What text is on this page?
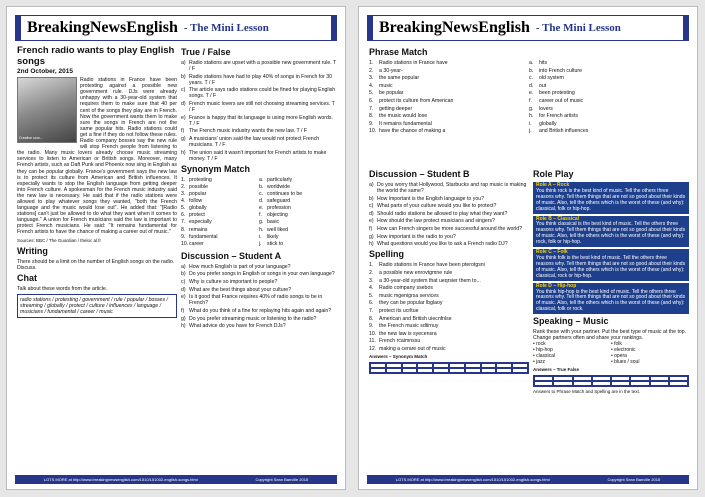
BreakingNewsEnglish - The Mini Lesson
French radio wants to play English songs
2nd October, 2015
Creative com...
Radio stations in France have been protesting against a possible new government rule. DJs were already unhappy with a 30-year-old system that requires them to make sure that 40 per cent of the songs they play are in French. Now the government wants them to make sure the songs in French are not the same popular hits. Radio stations could get a fine if they do not follow these rules. Radio company bosses say the new rule will stop French people from listening to the radio. Many music lovers already choose music streaming services to listen to American or British songs. Moreover, many French artists, such as Daft Punk and Phoenix now sing in English as they can be popular globally. France's government says the new law is to protect its culture from American and British influences. It especially wants to stop the English language from getting deeper into French culture. A spokesman for the French music industry said the new law is necessary. He said that if the radio stations were allowed to play whatever songs they wanted, "both the French language and the music would lose out". He added that: "[Radio stations] can't just be allowed to do what they want when it comes to language." A union for French musicians said the law is important to protect French musicians. He said: "It remains fundamental for French artists to have the chance of making a career out of music."
Sources: BBC / The Guardian / theloc al.fr
Writing
There should be a limit on the number of English songs on the radio. Discuss.
Chat
Talk about these words from the article.
radio stations / protesting / government / rule / popular / bosses / streaming / globally / protect / culture / influences / language / musicians / fundamental / career / music
True / False
a) Radio stations are upset with a possible new government rule. T / F
b) Radio stations have had to play 40% of songs in French for 30 years. T / F
c) The article says radio stations could be fined for playing English songs. T / F
d) French music lovers are still not choosing streaming services. T / F
e) France is happy that its language is using more English words. T / F
f) The French music industry wants the new law. T / F
g) A musicians' union said the law would not protect French musicians. T / F
h) The union said it wasn't important for French artists to make money. T / F
Synonym Match
1. protesting	a. particularly
2. possible	b. worldwide
3. popular	c. continues to be
4. follow	d. safeguard
5. globally	e. profession
6. protect	f. objecting
7. especially	g. basic
8. remains	h. well liked
9. fundamental	i.	likely
10. career	j.	stick to
Discussion – Student A
a) How much English is part of your language?
b) Do you prefer songs in English or songs in your own language?
c) Why is culture so important to people?
d) What are the best things about your culture?
e) Is it good that France requires 40% of radio songs to be in French?
f) What do you think of a fine for replaying hits again and again?
g) Do you prefer streaming music or listening to the radio?
h) What advice do you have for French DJs?
LOTS MORE at http://www.breakingnewsenglish.com/1510/151002-english-songs.html	Copyright Sean Banville 2015
BreakingNewsEnglish - The Mini Lesson
Phrase Match
1.	Radio stations in France have	a.	hits
2.	a 30-year-	b.	into French culture
3.	the same popular	c.	old system
4.	music	d.	out
5.	be popular	e.	been protesting
6.	protect its culture from American	f.	career out of music
7.	getting deeper	g.	lovers
8.	the music would lose	h.	for French artists
9.	It remains fundamental	i.	globally
10. have the chance of making a	j.	and British influences
Discussion – Student B
a) Do you worry that Hollywood, Starbucks and rap music is making the world the same?
b) How important is the English language to you?
c) What parts of your culture would you like to protect?
d) Should radio stations be allowed to play what they want?
e) How should the law protect musicians and singers?
f) How can French singers be more successful around the world?
g) How important is the radio to you?
h) What questions would you like to ask a French radio DJ?
Spelling
1.	Radio stations in France have been pterotgsni
2.	a possible new enrovtgmne rule
3.	a 30-year-old system that ueqrsier them to...
4.	Radio company ssebos
5.	music mgenigrsa services
6.	they can be popular lbglaoy
7.	protect its ucrltue
8.	American and British uiecnfnlse
9.	the French music sdtirnuy
10. the new law is syecensra
11. French rcaimnssu
12. making a cerare out of music
Answers – Synonym Match
Role Play
Role A – Rock
You think rock is the best kind of music. Tell the others three reasons why. Tell them things that are not so good about their kinds of music. Also, tell the others which is the worst of these (and why): classical, folk or hip-hop.
Role B – Classical
You think classical is the best kind of music. Tell the others three reasons why. Tell them things that are not so good about their kinds of music. Also, tell the others which is the worst of these (and why): rock, folk or hip-hop.
Role C – Folk
You think folk is the best kind of music. Tell the others three reasons why. Tell them things that are not so good about their kinds of music. Also, tell the others which is the worst of these (and why): classical, rock or hip-hop.
Role D – Hip-hop
You think hip-hop is the best kind of music. Tell the others three reasons why. Tell them things that are not so good about their kinds of music. Also, tell the others which is the worst of these (and why): classical, folk or rock.
Speaking – Music
Rank these with your partner. Put the best type of music at the top. Change partners often and share your rankings.
• rock	• folk
• hip-hop	• electronic
• classical	• opera
• jazz	• blues / soul
Answers – True False
Answers to Phrase Match and Spelling are in the text.
LOTS MORE at http://www.breakingnewsenglish.com/1510/151002-english-songs.html	Copyright Sean Banville 2015
